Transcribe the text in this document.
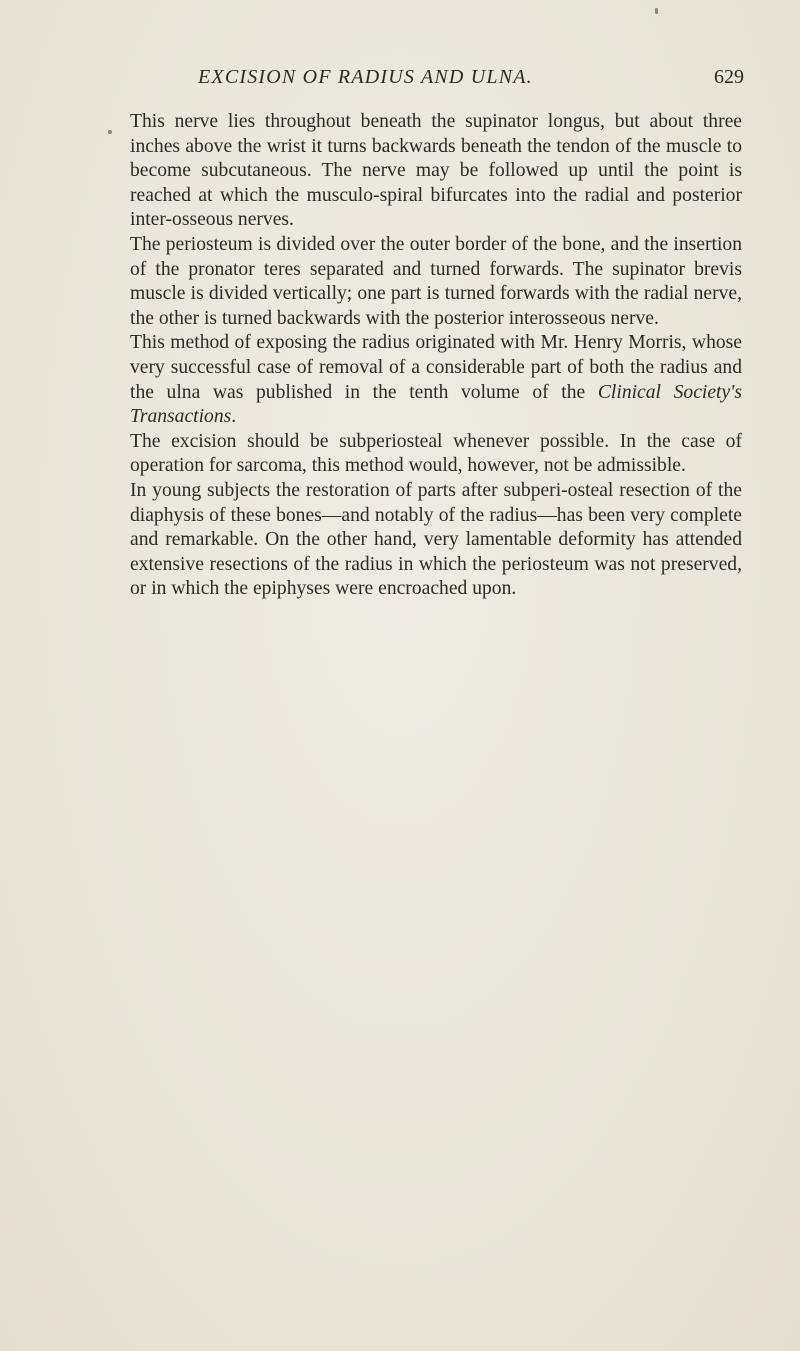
EXCISION OF RADIUS AND ULNA.	629

This nerve lies throughout beneath the supinator longus, but about three inches above the wrist it turns backwards beneath the tendon of the muscle to become subcutaneous. The nerve may be followed up until the point is reached at which the musculo-spiral bifurcates into the radial and posterior inter-osseous nerves.

The periosteum is divided over the outer border of the bone, and the insertion of the pronator teres separated and turned forwards. The supinator brevis muscle is divided vertically; one part is turned forwards with the radial nerve, the other is turned backwards with the posterior interosseous nerve.

This method of exposing the radius originated with Mr. Henry Morris, whose very successful case of removal of a considerable part of both the radius and the ulna was published in the tenth volume of the Clinical Society's Transactions.

The excision should be subperiosteal whenever possible. In the case of operation for sarcoma, this method would, however, not be admissible.

In young subjects the restoration of parts after subperi-osteal resection of the diaphysis of these bones—and notably of the radius—has been very complete and remarkable. On the other hand, very lamentable deformity has attended extensive resections of the radius in which the periosteum was not preserved, or in which the epiphyses were encroached upon.
